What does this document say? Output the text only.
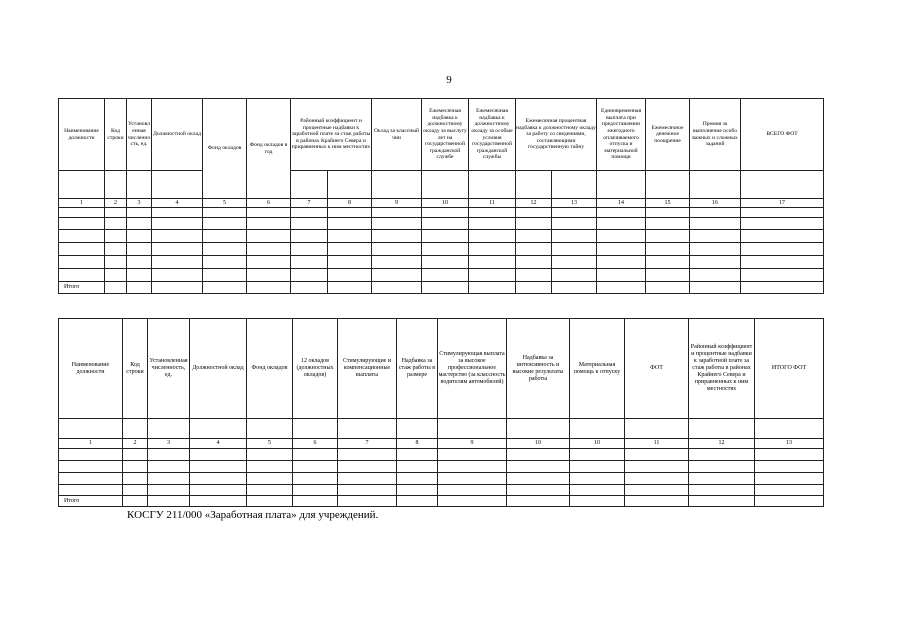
9
Наименование должности	Код строки	Установленная численность, ед.	Должностной оклад	Фонд окладов	Фонд окладов в год	Районный коэффициент и процентные надбавки к заработной плате за стаж работы в районах Крайнего Севера и приравненных к ним местностях		Оклад за классный чин	Ежемесячная надбавка к должностному окладу за выслугу лет на государственной гражданской службе	Ежемесячная надбавка к должностному окладу за особые условия государственной гражданской службы	Ежемесячная процентная надбавка к должностному окладу за работу со сведениями, составляющими государственную тайну		Единовременная выплата при предоставлении ежегодного оплачиваемого отпуска и материальной помощи	Ежемесячное денежное поощрение	Премия за выполнение особо важных и сложных заданий	ВСЕГО ФОТ

1	2	3	4	5	6	7	8	9	10	11	12	13	14	15	16	17

Итого																
Наименование должности	Код строки	Установленная численность, ед.	Должностной оклад	Фонд окладов	12 окладов (должностных окладов)	Стимулирующие и компенсационные выплаты	Надбавка за стаж работы в размере	Стимулирующая выплата за высокое профессиональное мастерство (за классность водителям автомобилей)	Надбавка за интенсивность и высокие результаты работы	Материальная помощь к отпуску	ФОТ	Районный коэффициент и процентные надбавки к заработной плате за стаж работы в районах Крайнего Севера и приравненных к ним местностях	ИТОГО ФОТ

1	2	3	4	5	6	7	8	9	10	10	11	12	13

Итого													
КОСГУ 211/000 «Заработная плата» для учреждений.
